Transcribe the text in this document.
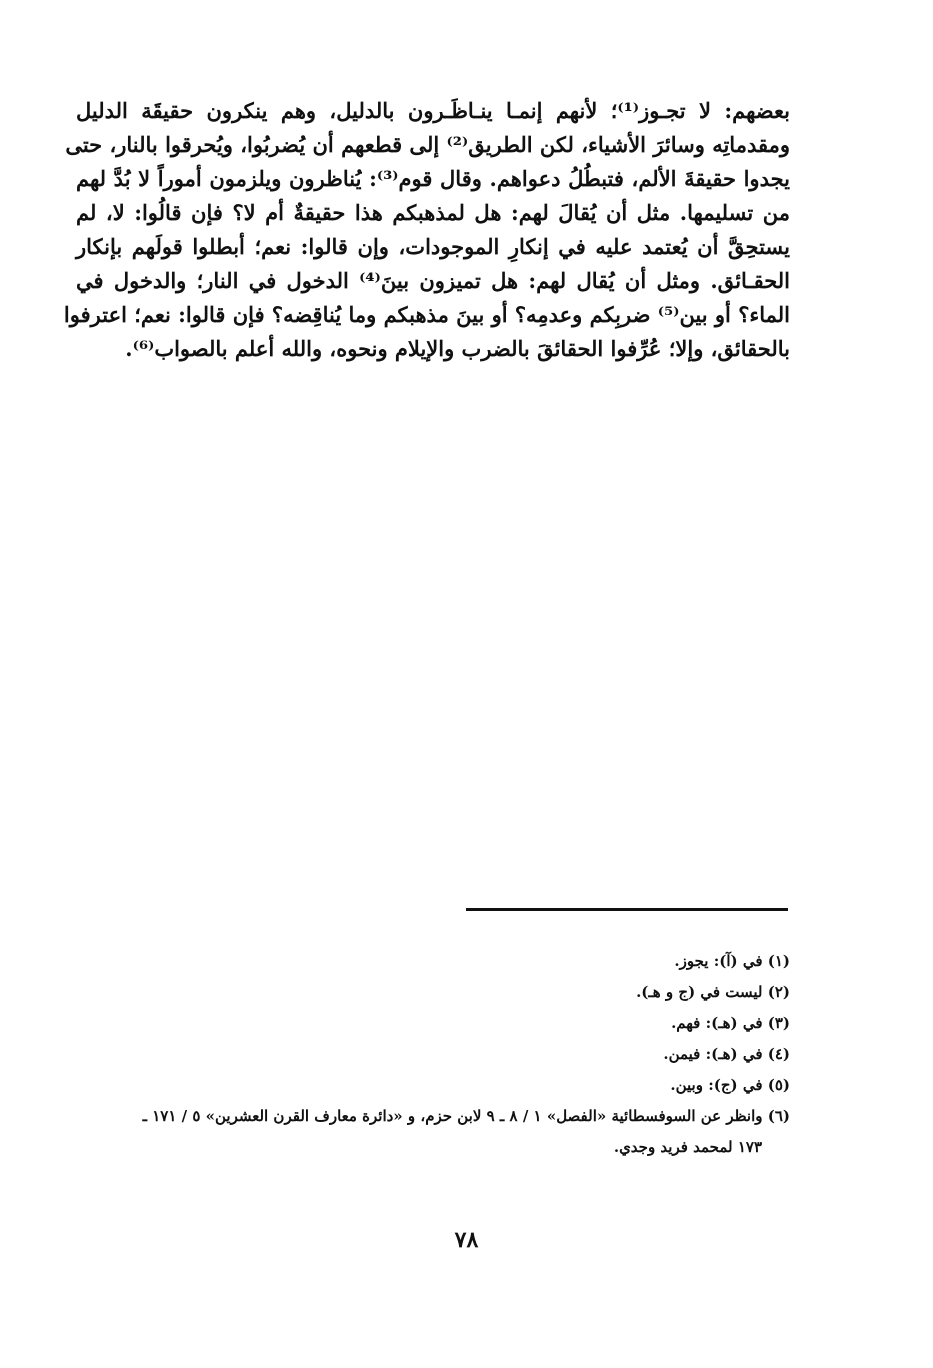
بعضهم: لا تجـوز⁽¹⁾؛ لأنهم إنمـا ينـاظَـرون بالدليل، وهم ينكرون حقيقَة الدليل
ومقدماتِه وسائرَ الأشياء، لكن الطريق⁽²⁾ إلى قطعهم أن يُضربُوا، ويُحرقوا بالنار، حتى
يجدوا حقيقةَ الألم، فتبطُلُ دعواهم. وقال قوم⁽³⁾: يُناظرون ويلزمون أموراً لا بُدَّ لهم
من تسليمها. مثل أن يُقالَ لهم: هل لمذهبكم هذا حقيقةٌ أم لا؟ فإن قالُوا: لا، لم
يستحِقَّ أن يُعتمد عليه في إنكارِ الموجودات، وإن قالوا: نعم؛ أبطلوا قولَهم بإنكار
الحقـائق. ومثل أن يُقال لهم: هل تميزون بينَ⁽⁴⁾ الدخول في النار؛ والدخول في
الماء؟ أو بين⁽⁵⁾ ضربِكم وعدمِه؟ أو بينَ مذهبكم وما يُناقِضه؟ فإن قالوا: نعم؛ اعترفوا
بالحقائق، وإلا؛ عُرِّفوا الحقائقَ بالضرب والإيلام ونحوه، والله أعلم بالصواب⁽⁶⁾.
(١) في (آ): يجوز.
(٢) ليست في (ج و هـ).
(٣) في (هـ): فهم.
(٤) في (هـ): فيمن.
(٥) في (ج): وبين.
(٦) وانظر عن السوفسطائية «الفصل» ١ / ٨ ـ ٩ لابن حزم، و «دائرة معارف القرن العشرين» ٥ / ١٧١ ـ
١٧٣ لمحمد فريد وجدي.
٧٨
